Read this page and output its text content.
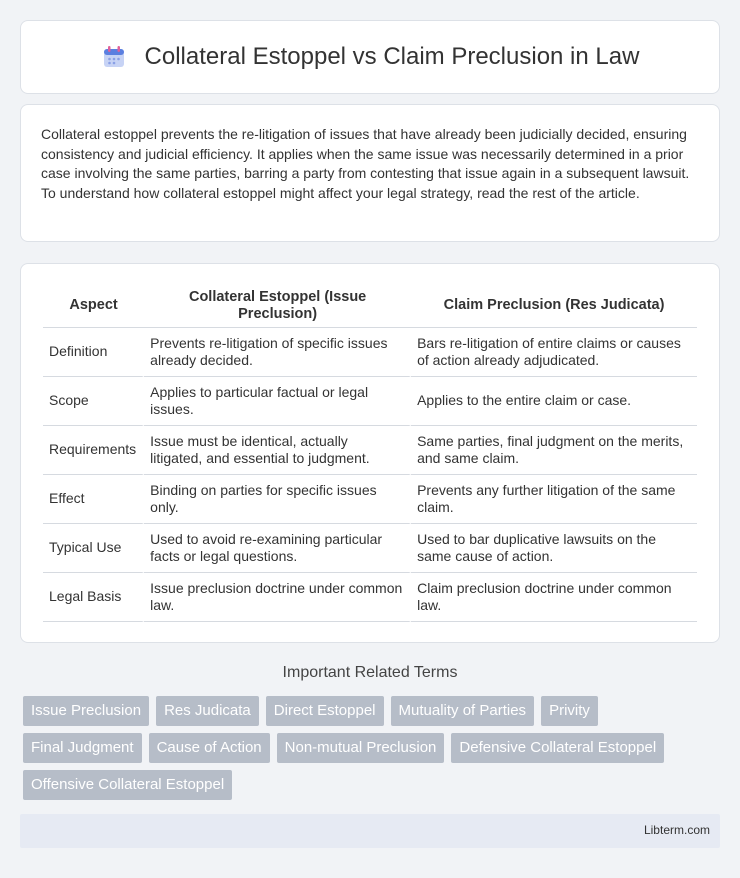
Collateral Estoppel vs Claim Preclusion in Law

Collateral estoppel prevents the re-litigation of issues that have already been judicially decided, ensuring consistency and judicial efficiency. It applies when the same issue was necessarily determined in a prior case involving the same parties, barring a party from contesting that issue again in a subsequent lawsuit. To understand how collateral estoppel might affect your legal strategy, read the rest of the article.

Aspect	Collateral Estoppel (Issue Preclusion)	Claim Preclusion (Res Judicata)
Definition	Prevents re-litigation of specific issues already decided.	Bars re-litigation of entire claims or causes of action already adjudicated.
Scope	Applies to particular factual or legal issues.	Applies to the entire claim or case.
Requirements	Issue must be identical, actually litigated, and essential to judgment.	Same parties, final judgment on the merits, and same claim.
Effect	Binding on parties for specific issues only.	Prevents any further litigation of the same claim.
Typical Use	Used to avoid re-examining particular facts or legal questions.	Used to bar duplicative lawsuits on the same cause of action.
Legal Basis	Issue preclusion doctrine under common law.	Claim preclusion doctrine under common law.
Important Related Terms
Issue Preclusion	Res Judicata	Direct Estoppel	Mutuality of Parties	Privity
Final Judgment	Cause of Action	Non-mutual Preclusion	Defensive Collateral Estoppel
Offensive Collateral Estoppel
Libterm.com
